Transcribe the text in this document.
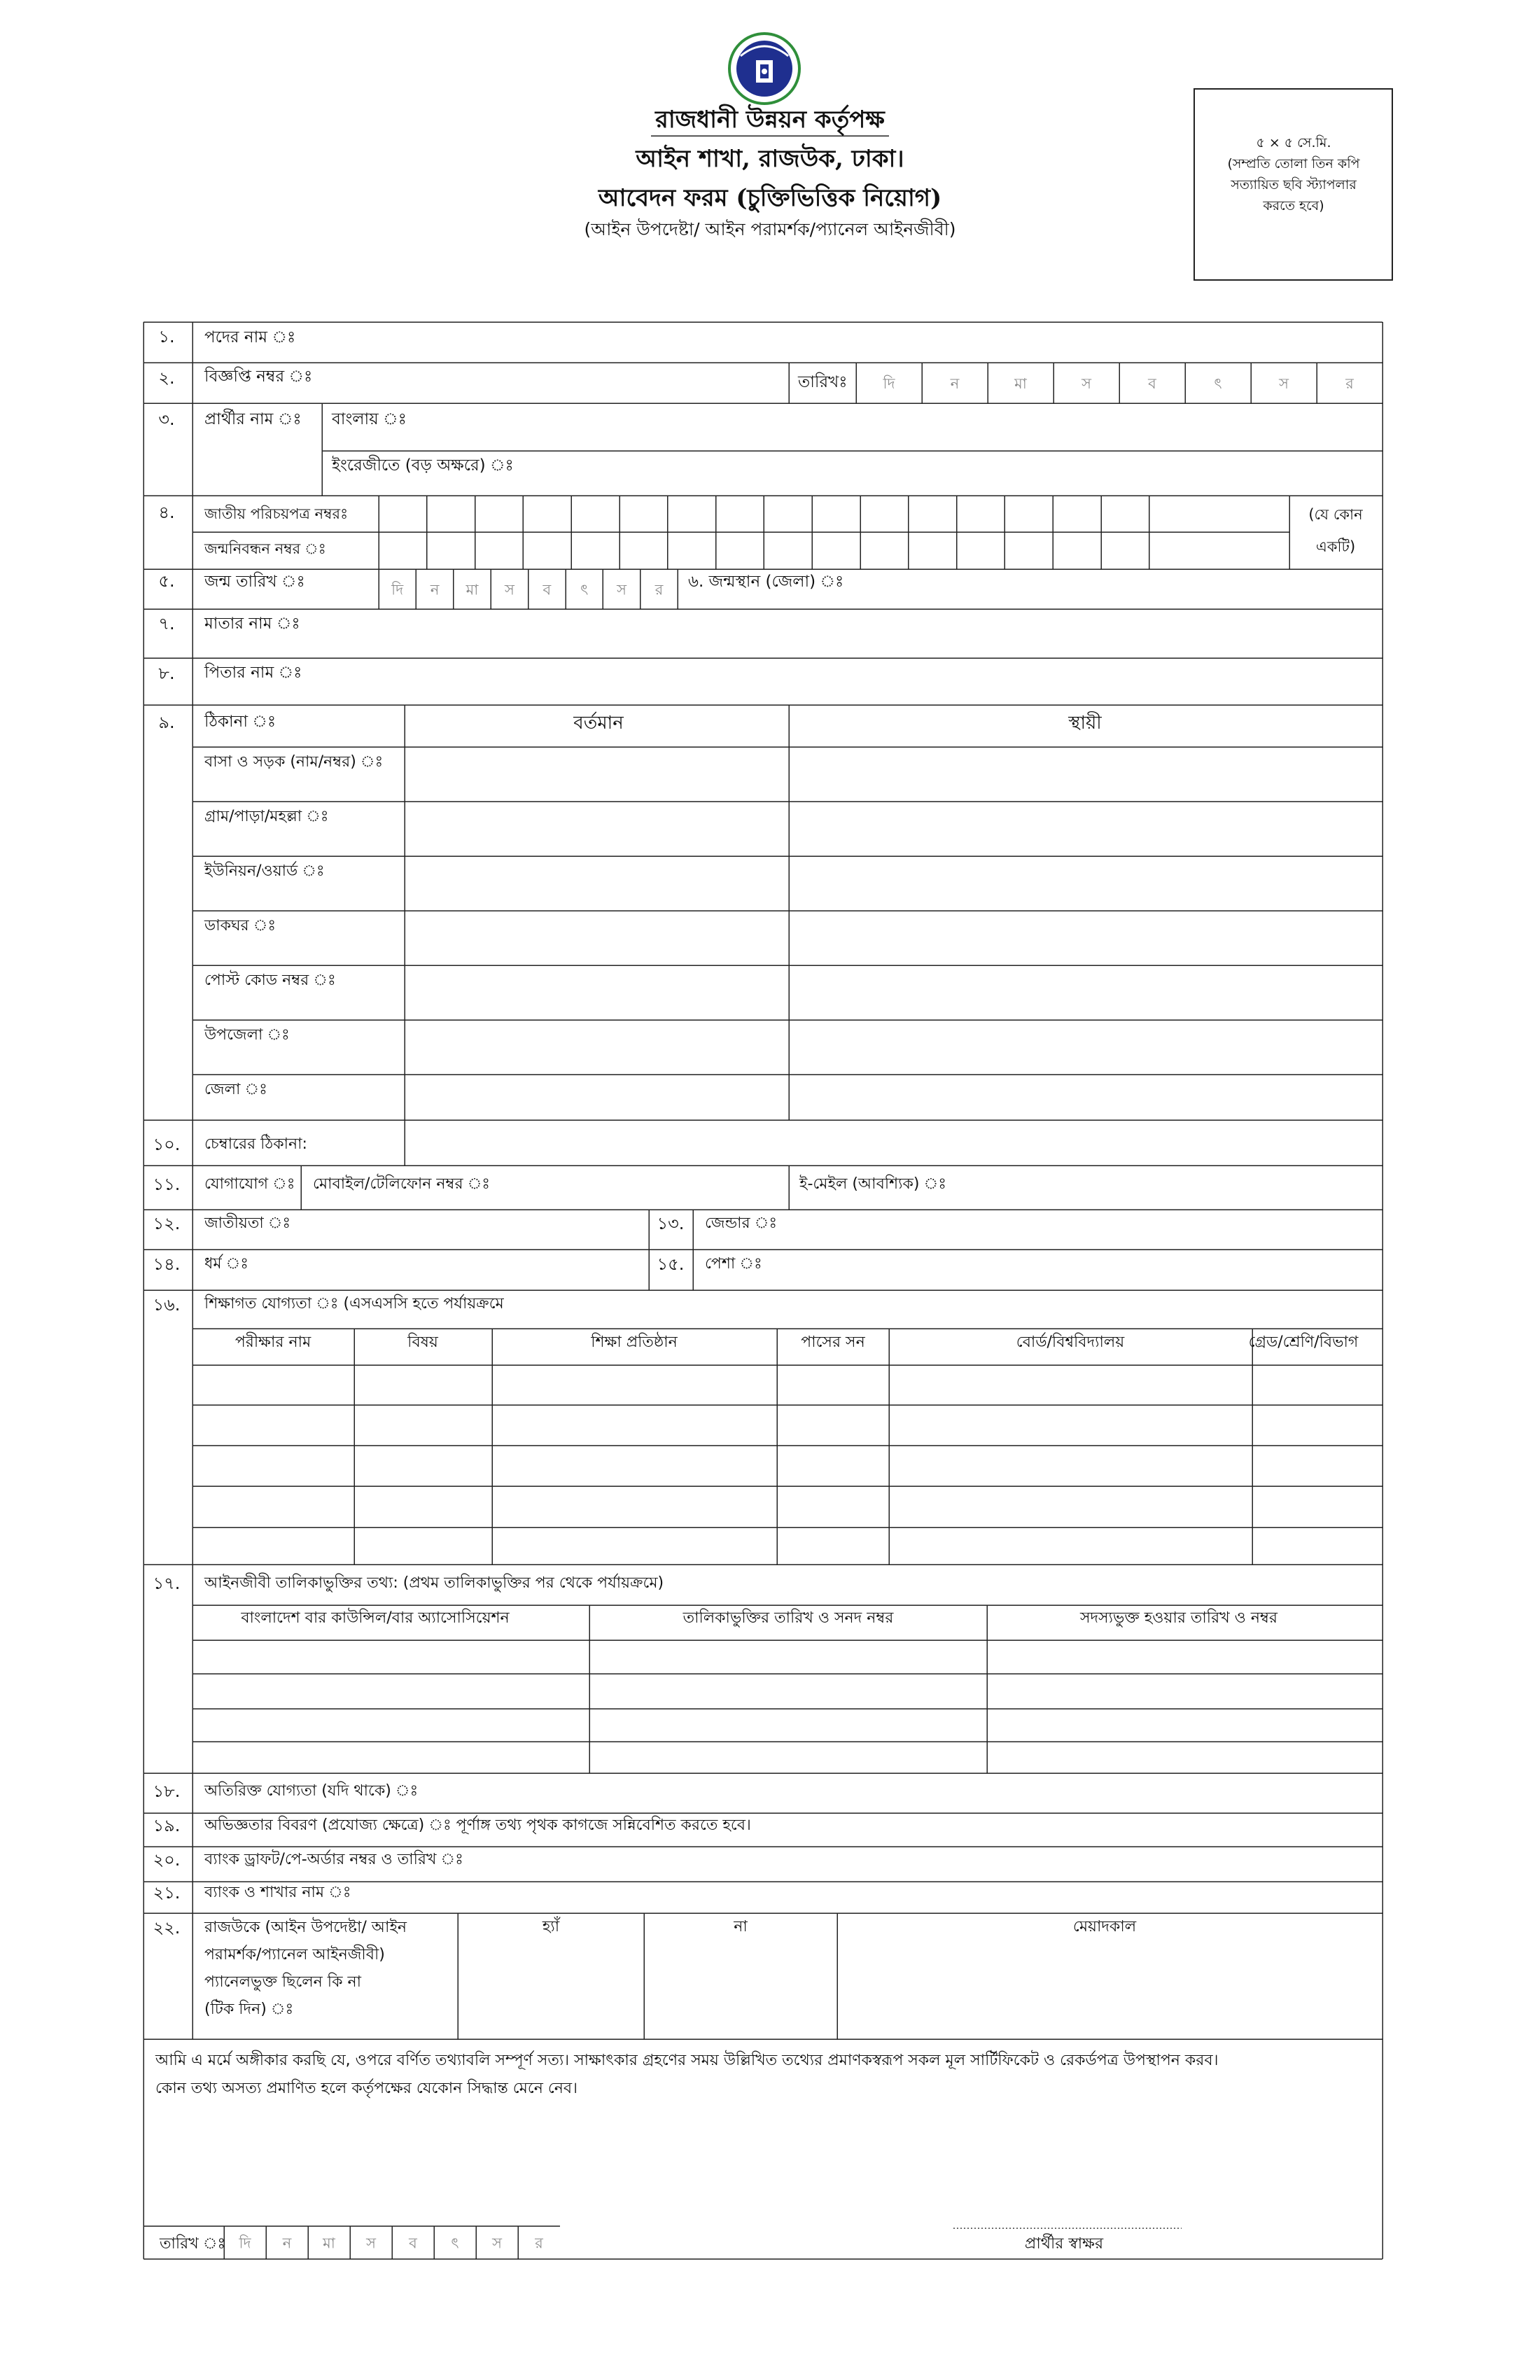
রাজধানী উন্নয়ন কর্তৃপক্ষ
আইন শাখা, রাজউক, ঢাকা।
আবেদন ফরম (চুক্তিভিত্তিক নিয়োগ)
(আইন উপদেষ্টা/ আইন পরামর্শক/প্যানেল আইনজীবী)
৫ × ৫ সে.মি.
(সম্প্রতি তোলা তিন কপি
সত্যায়িত ছবি স্ট্যাপলার
করতে হবে)
১. পদের নাম ঃ
২. বিজ্ঞপ্তি নম্বর ঃ	তারিখঃ দি	ন	মা	স	ব	ৎ	স	র
৩. প্রার্থীর নাম ঃ বাংলায় ঃ
ইংরেজীতে (বড় অক্ষরে) ঃ
৪. জাতীয় পরিচয়পত্র নম্বরঃ
জন্মনিবন্ধন নম্বর ঃ
(যে কোন
একটি)
৫. জন্ম তারিখ ঃ	দি ন মা স ব ৎ স র ৬. জন্মস্থান (জেলা) ঃ
৭. মাতার নাম ঃ
৮. পিতার নাম ঃ
৯. ঠিকানা ঃ	বর্তমান	স্থায়ী
বাসা ও সড়ক (নাম/নম্বর) ঃ
গ্রাম/পাড়া/মহল্লা ঃ
ইউনিয়ন/ওয়ার্ড ঃ
ডাকঘর ঃ
পোস্ট কোড নম্বর ঃ
উপজেলা ঃ
জেলা ঃ
১০. চেম্বারের ঠিকানা:
১১. যোগাযোগ ঃ মোবাইল/টেলিফোন নম্বর ঃ	ই-মেইল (আবশ্যিক) ঃ
১২. জাতীয়তা ঃ	১৩. জেন্ডার ঃ
১৪. ধর্ম ঃ	১৫. পেশা ঃ
১৬. শিক্ষাগত যোগ্যতা ঃ (এসএসসি হতে পর্যায়ক্রমে
পরীক্ষার নাম	বিষয়	শিক্ষা প্রতিষ্ঠান	পাসের সন	বোর্ড/বিশ্ববিদ্যালয়	গ্রেড/শ্রেণি/বিভাগ
১৭. আইনজীবী তালিকাভুক্তির তথ্য: (প্রথম তালিকাভুক্তির পর থেকে পর্যায়ক্রমে)
বাংলাদেশ বার কাউন্সিল/বার অ্যাসোসিয়েশন	তালিকাভুক্তির তারিখ ও সনদ নম্বর	সদস্যভুক্ত হওয়ার তারিখ ও নম্বর
১৮. অতিরিক্ত যোগ্যতা (যদি থাকে) ঃ
১৯. অভিজ্ঞতার বিবরণ (প্রযোজ্য ক্ষেত্রে) ঃ পূর্ণাঙ্গ তথ্য পৃথক কাগজে সন্নিবেশিত করতে হবে।
২০. ব্যাংক ড্রাফট/পে-অর্ডার নম্বর ও তারিখ ঃ
২১. ব্যাংক ও শাখার নাম ঃ
২২. রাজউকে (আইন উপদেষ্টা/ আইন
পরামর্শক/প্যানেল আইনজীবী)
প্যানেলভুক্ত ছিলেন কি না
(টিক দিন) ঃ
হ্যাঁ	না	মেয়াদকাল
আমি এ মর্মে অঙ্গীকার করছি যে, ওপরে বর্ণিত তথ্যাবলি সম্পূর্ণ সত্য। সাক্ষাৎকার গ্রহণের সময় উল্লিখিত তথ্যের প্রমাণকস্বরূপ সকল মূল সার্টিফিকেট ও রেকর্ডপত্র উপস্থাপন করব।
কোন তথ্য অসত্য প্রমাণিত হলে কর্তৃপক্ষের যেকোন সিদ্ধান্ত মেনে নেব।
তারিখ ঃ দি ন মা স ব ৎ স র	প্রার্থীর স্বাক্ষর
